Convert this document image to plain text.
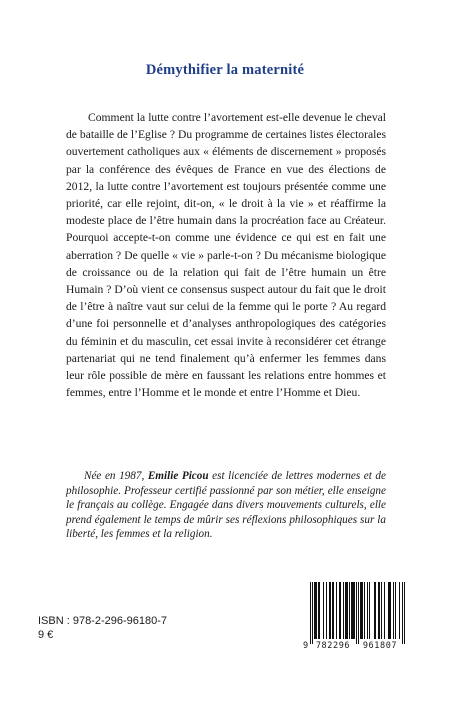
Démythifier la maternité

Comment la lutte contre l’avortement est-elle devenue le cheval de bataille de l’Eglise ? Du programme de certaines listes électorales ouvertement catholiques aux « éléments de discernement » proposés par la conférence des évêques de France en vue des élections de 2012, la lutte contre l’avortement est toujours présentée comme une priorité, car elle rejoint, dit-on, « le droit à la vie » et réaffirme la modeste place de l’être humain dans la procréation face au Créateur. Pourquoi accepte-t-on comme une évidence ce qui est en fait une aberration ? De quelle « vie » parle-t-on ? Du mécanisme biologique de croissance ou de la relation qui fait de l’être humain un être Humain ? D’où vient ce consensus suspect autour du fait que le droit de l’être à naître vaut sur celui de la femme qui le porte ? Au regard d’une foi personnelle et d’analyses anthropologiques des catégories du féminin et du masculin, cet essai invite à reconsidérer cet étrange partenariat qui ne tend finalement qu’à enfermer les femmes dans leur rôle possible de mère en faussant les relations entre hommes et femmes, entre l’Homme et le monde et entre l’Homme et Dieu.

Née en 1987, Emilie Picou est licenciée de lettres modernes et de philosophie. Professeur certifié passionné par son métier, elle enseigne le français au collège. Engagée dans divers mouvements culturels, elle prend également le temps de mûrir ses réflexions philosophiques sur la liberté, les femmes et la religion.

ISBN : 978-2-296-96180-7
9 €
9 782296 961807
